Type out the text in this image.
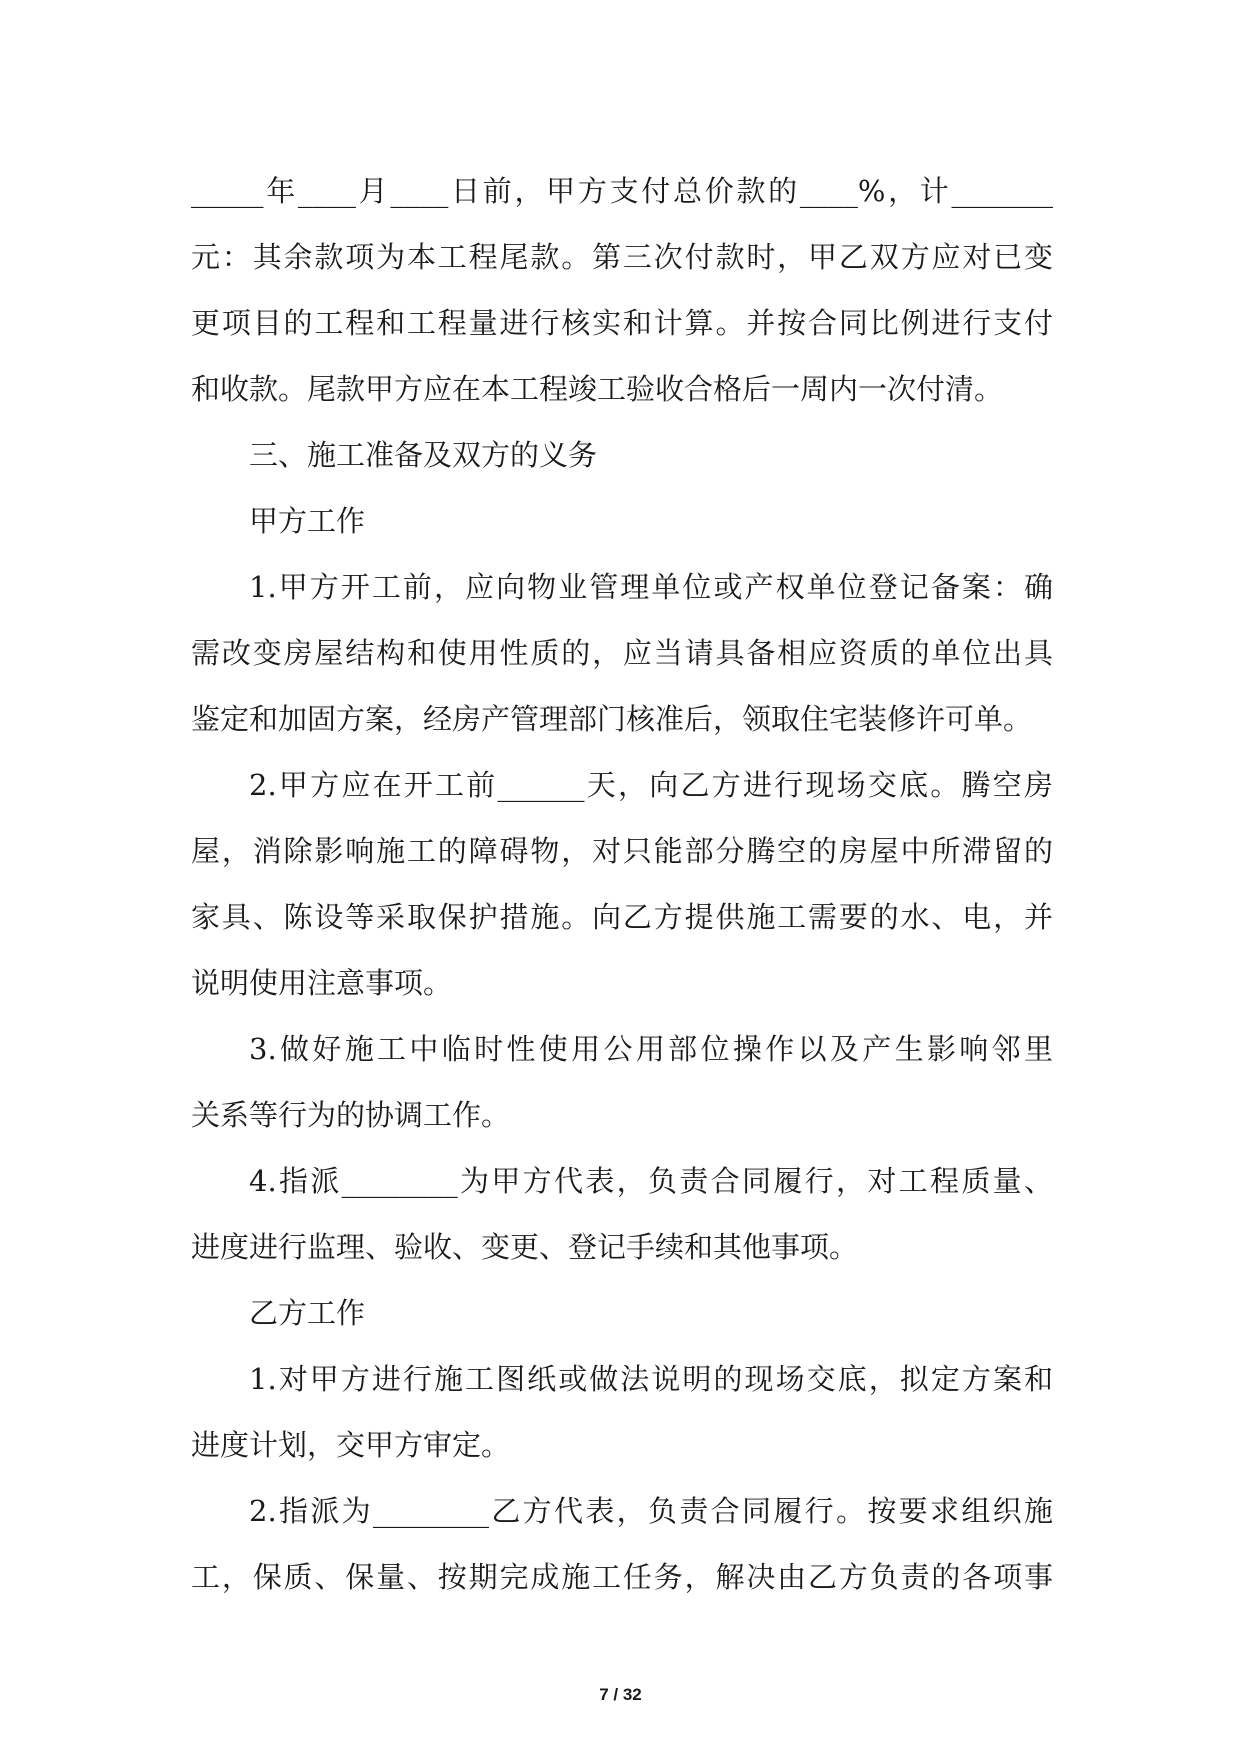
_____年____月____日前，甲方支付总价款的____%，计_______
元：其余款项为本工程尾款。第三次付款时，甲乙双方应对已变
更项目的工程和工程量进行核实和计算。并按合同比例进行支付
和收款。尾款甲方应在本工程竣工验收合格后一周内一次付清。
三、施工准备及双方的义务
甲方工作
1.甲方开工前，应向物业管理单位或产权单位登记备案：确
需改变房屋结构和使用性质的，应当请具备相应资质的单位出具
鉴定和加固方案，经房产管理部门核准后，领取住宅装修许可单。
2.甲方应在开工前______天，向乙方进行现场交底。腾空房
屋，消除影响施工的障碍物，对只能部分腾空的房屋中所滞留的
家具、陈设等采取保护措施。向乙方提供施工需要的水、电，并
说明使用注意事项。
3.做好施工中临时性使用公用部位操作以及产生影响邻里
关系等行为的协调工作。
4.指派________为甲方代表，负责合同履行，对工程质量、
进度进行监理、验收、变更、登记手续和其他事项。
乙方工作
1.对甲方进行施工图纸或做法说明的现场交底，拟定方案和
进度计划，交甲方审定。
2.指派为________乙方代表，负责合同履行。按要求组织施
工，保质、保量、按期完成施工任务，解决由乙方负责的各项事
7 / 32
